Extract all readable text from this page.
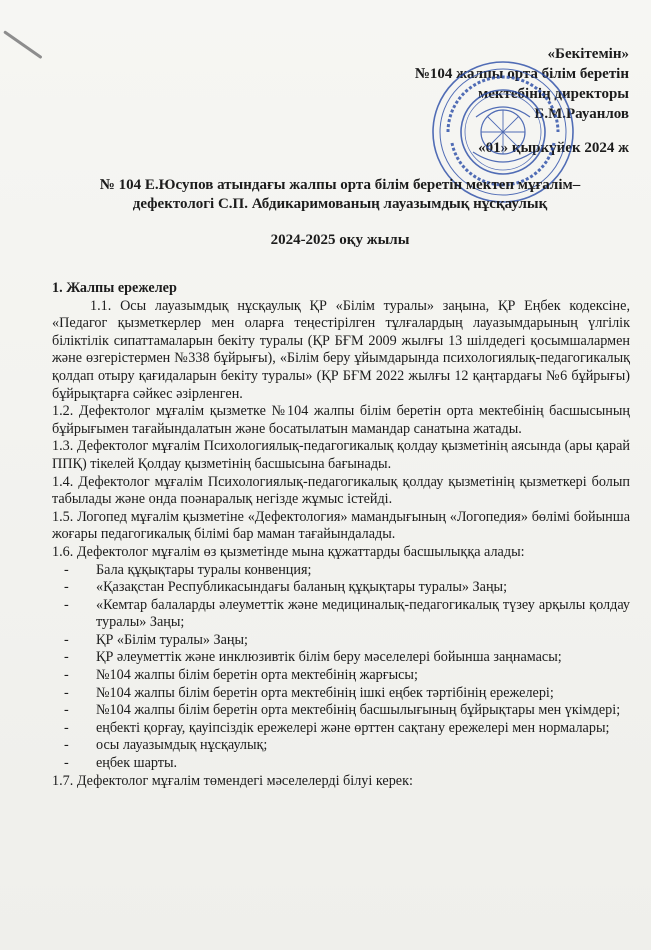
«Бекітемін»
№104 жалпы орта білім беретін
мектебінің директоры
Б.М.Рауанлов
«01» қыркүйек 2024 ж
№ 104 Е.Юсупов атындағы жалпы орта білім беретін мектеп мұғалім–
дефектологі С.П. Абдикаримованың лауазымдық нұсқаулық
2024-2025 оқу жылы

1. Жалпы ережелер

1.1. Осы лауазымдық нұсқаулық ҚР «Білім туралы» заңына, ҚР Еңбек кодексіне, «Педагог қызметкерлер мен оларға теңестірілген тұлғалардың лауазымдарының үлгілік біліктілік сипаттамаларын бекіту туралы (ҚР БҒМ 2009 жылғы 13 шілдедегі қосымшалармен және өзгерістермен №338 бұйрығы), «Білім беру ұйымдарында психологиялық-педагогикалық қолдап отыру қағидаларын бекіту туралы» (ҚР БҒМ 2022 жылғы 12 қаңтардағы №6 бұйрығы) бұйрықтарға сәйкес әзірленген.

1.2. Дефектолог мұғалім қызметке №104 жалпы білім беретін орта мектебінің басшысының бұйрығымен тағайындалатын және босатылатын мамандар санатына жатады.

1.3. Дефектолог мұғалім Психологиялық-педагогикалық қолдау қызметінің аясында (ары қарай ППҚ) тікелей Қолдау қызметінің басшысына бағынады.

1.4. Дефектолог мұғалім Психологиялық-педагогикалық қолдау қызметінің қызметкері болып табылады және онда поәнаралық негізде жұмыс істейді.

1.5. Логопед мұғалім қызметіне «Дефектология» мамандығының «Логопедия» бөлімі бойынша жоғары педагогикалық білімі бар маман тағайындалады.

1.6. Дефектолог мұғалім өз қызметінде мына құжаттарды басшылыққа алады:

- Бала құқықтары туралы конвенция;
- «Қазақстан Республикасындағы баланың құқықтары туралы» Заңы;
- «Кемтар балаларды әлеуметтік және медициналық-педагогикалық түзеу арқылы қолдау туралы» Заңы;
- ҚР «Білім туралы» Заңы;
- ҚР әлеуметтік және инклюзивтік білім беру мәселелері бойынша заңнамасы;
- №104 жалпы білім беретін орта мектебінің жарғысы;
- №104 жалпы білім беретін орта мектебінің ішкі еңбек тәртібінің ережелері;
- №104 жалпы білім беретін орта мектебінің басшылығының бұйрықтары мен үкімдері;
- еңбекті қорғау, қауіпсіздік ережелері және өрттен сақтану ережелері мен нормалары;
- осы лауазымдық нұсқаулық;
- еңбек шарты.

1.7. Дефектолог мұғалім төмендегі мәселелерді білуі керек:
